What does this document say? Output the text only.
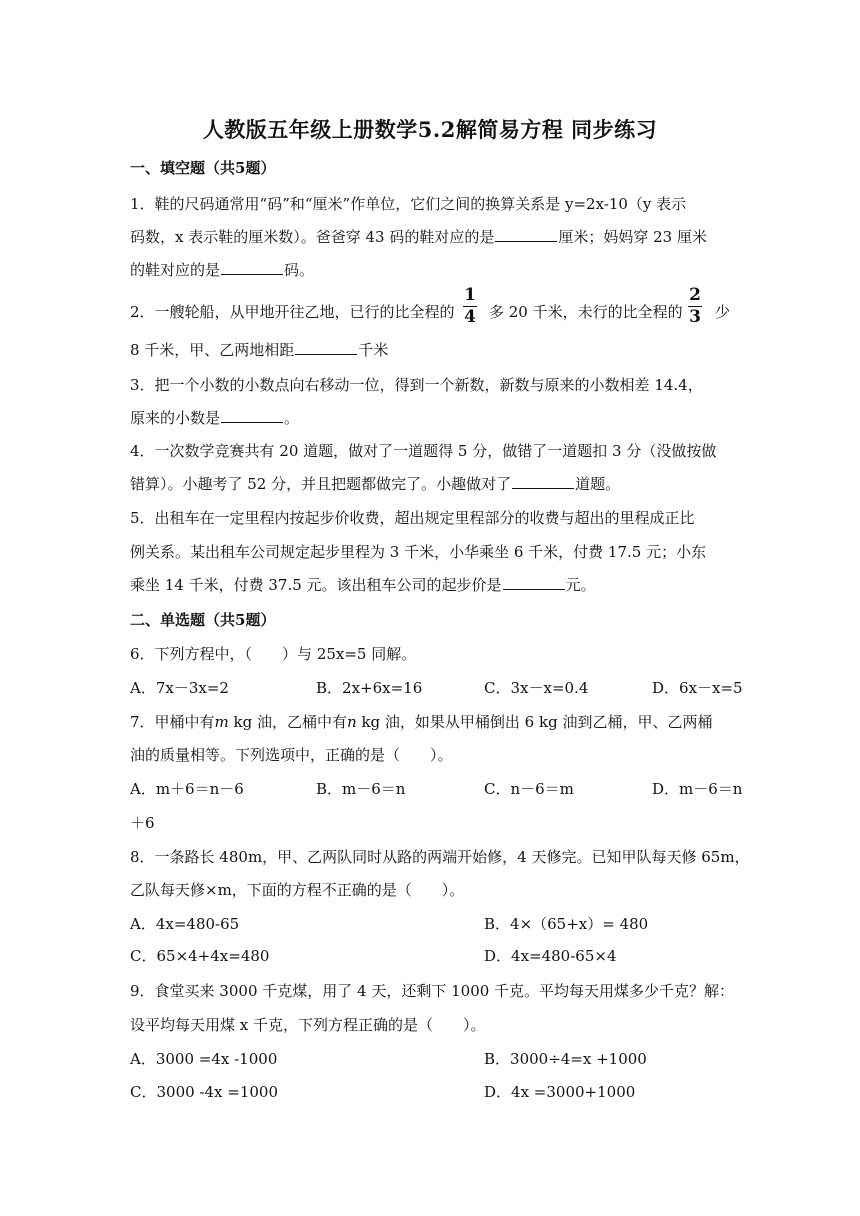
人教版五年级上册数学5.2解简易方程 同步练习
一、填空题（共5题）
1．鞋的尺码通常用“码”和“厘米”作单位，它们之间的换算关系是 y=2x-10（y 表示
码数，x 表示鞋的厘米数）。爸爸穿 43 码的鞋对应的是	厘米；妈妈穿 23 厘米
的鞋对应的是	码。
2．一艘轮船，从甲地开往乙地，已行的比全程的
1
4 多 20 千米，未行的比全程的
2
3 少
8 千米，甲、乙两地相距	千米
3．把一个小数的小数点向右移动一位，得到一个新数，新数与原来的小数相差 14.4，
原来的小数是	。
4．一次数学竞赛共有 20 道题，做对了一道题得 5 分，做错了一道题扣 3 分（没做按做
错算）。小趣考了 52 分，并且把题都做完了。小趣做对了	道题。
5．出租车在一定里程内按起步价收费，超出规定里程部分的收费与超出的里程成正比
例关系。某出租车公司规定起步里程为 3 千米，小华乘坐 6 千米，付费 17.5 元；小东
乘坐 14 千米，付费 37.5 元。该出租车公司的起步价是	元。
二、单选题（共5题）
6．下列方程中，（　　）与 25x=5 同解。
A．7x－3x=2	B．2x+6x=16	C．3x－x=0.4	D．6x－x=5
7．甲桶中有m kg 油，乙桶中有n kg 油，如果从甲桶倒出 6 kg 油到乙桶，甲、乙两桶
油的质量相等。下列选项中，正确的是（　　）。
A．m＋6＝n－6	B．m－6＝n	C．n－6＝m	D．m－6＝n
＋6
8．一条路长 480m，甲、乙两队同时从路的两端开始修，4 天修完。已知甲队每天修 65m，
乙队每天修×m，下面的方程不正确的是（　　）。
A．4x=480-65	B．4×（65+x）= 480
C．65×4+4x=480	D．4x=480-65×4
9．食堂买来 3000 千克煤，用了 4 天，还剩下 1000 千克。平均每天用煤多少千克？解：
设平均每天用煤 x 千克，下列方程正确的是（　　）。
A．3000 =4x -1000	B．3000÷4=x +1000
C．3000 -4x =1000	D．4x =3000+1000
